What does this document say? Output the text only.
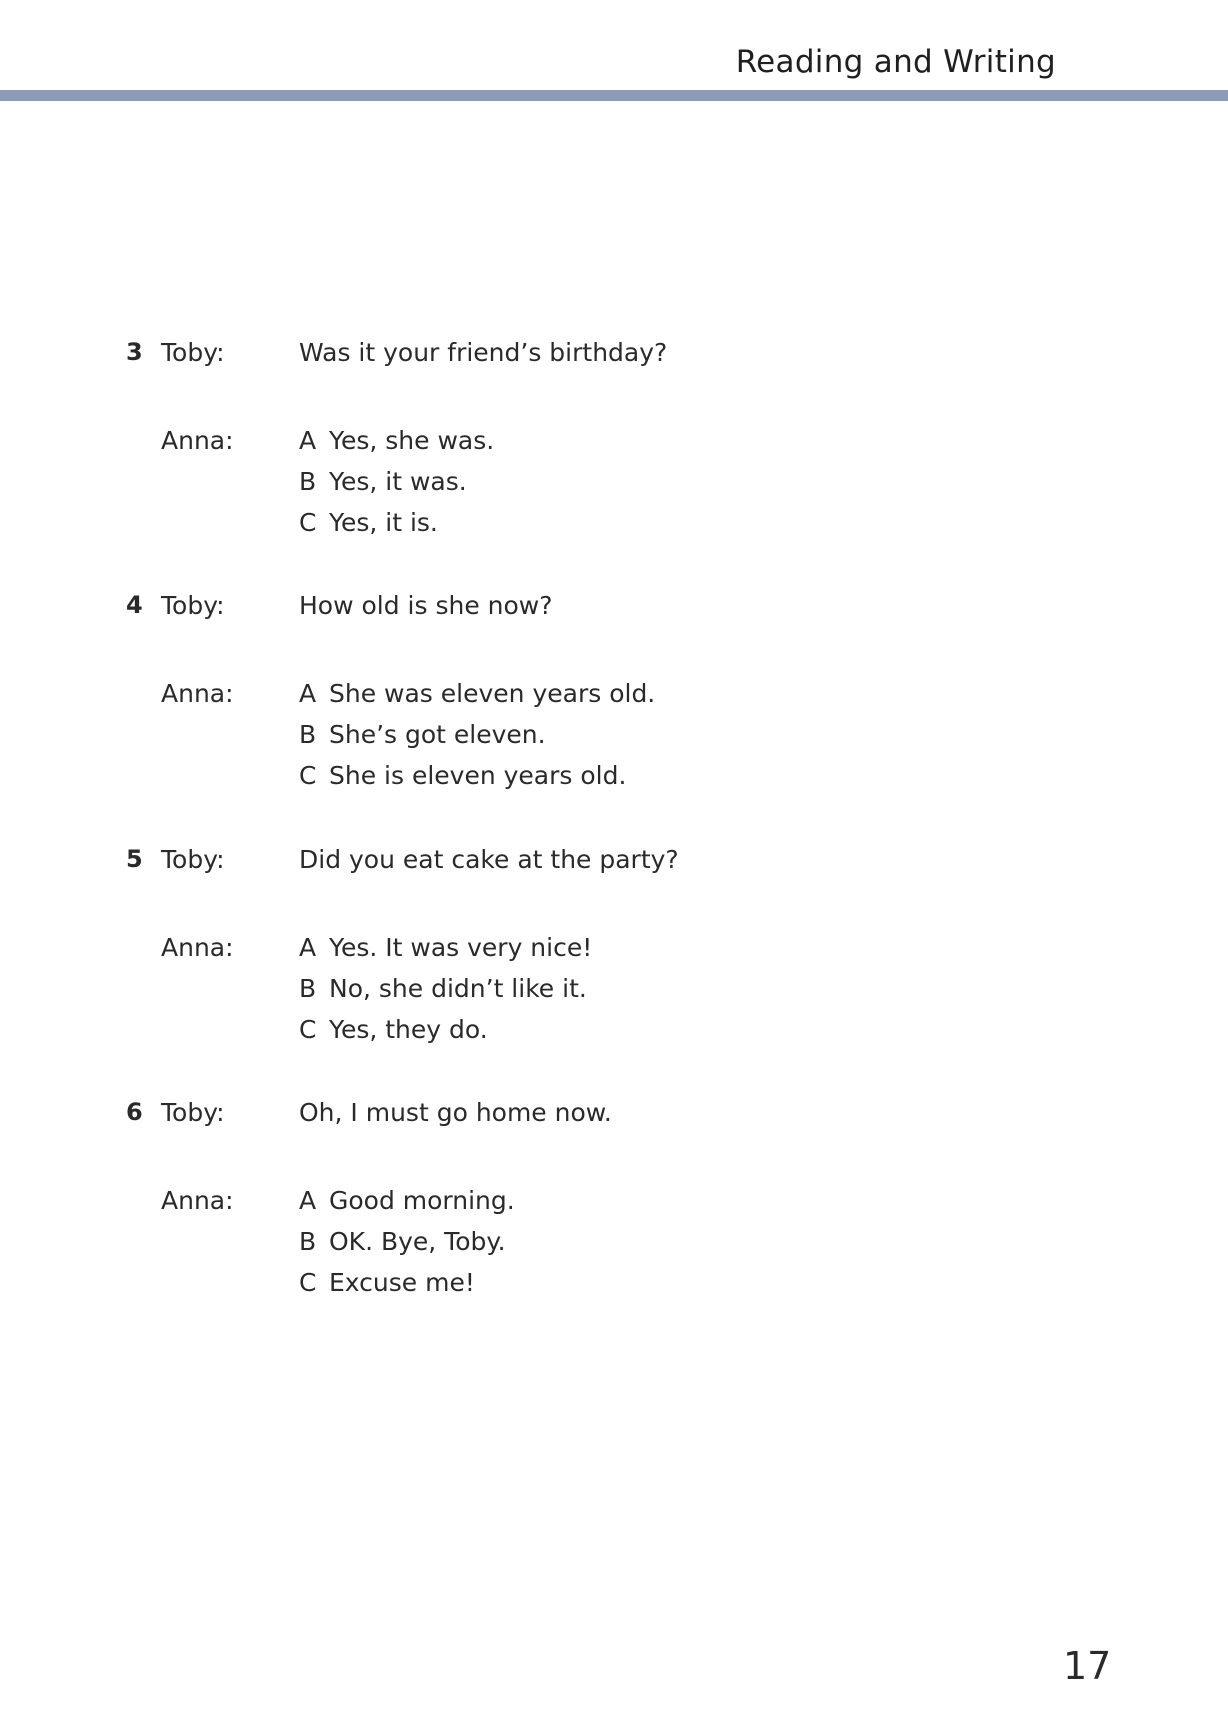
Reading and Writing
3 Toby:	Was it your friend’s birthday?
Anna:	A Yes, she was.
B Yes, it was.
C Yes, it is.
4 Toby:	How old is she now?
Anna:	A She was eleven years old.
B She’s got eleven.
C She is eleven years old.
5 Toby:	Did you eat cake at the party?
Anna:	A Yes. It was very nice!
B No, she didn’t like it.
C Yes, they do.
6 Toby:	Oh, I must go home now.
Anna:	A Good morning.
B OK. Bye, Toby.
C Excuse me!
17
